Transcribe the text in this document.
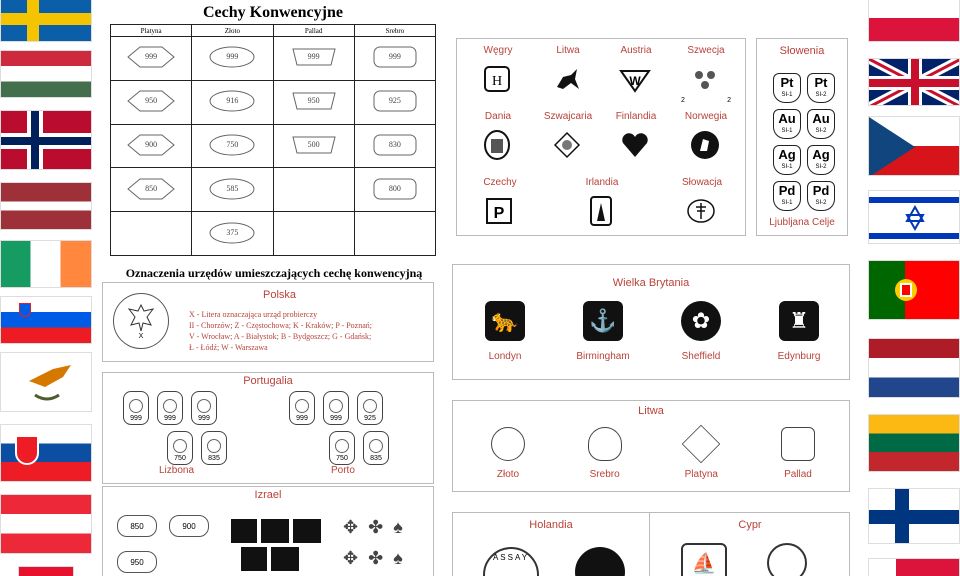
Cechy Konwencyjne
Platyna	Złoto	Pallad	Srebro

999	999	999	999

950	916	950	925

900	750	500	830

850	585		800

	375		

Oznaczenia urzędów umieszczających cechę konwencyjną
X
Polska
X - Litera oznaczająca urząd probierczy
II - Chorzów; Z - Częstochowa; K - Kraków; P - Poznań;
V - Wrocław; A - Białystok; B - Bydgoszcz; G - Gdańsk;
Ł - Łódź; W - Warszawa
Portugalia
999	999	999
750	835
999	999	925
750	835
Lizbona	Porto
Izrael
850	900
950
✥ ✤ ♠
✥ ✤ ♠
Węgry
H
Litwa	Austria
W
Szwecja
2	2
Dania	Szwajcaria	Finlandia	Norwegia
Czechy
P
Irlandia	Słowacja
Słowenia
Pt
SI-1
Pt
SI-2
Au
SI-1
Au
SI-2
Ag
SI-1
Ag
SI-2
Pd
SI-1
Pd
SI-2
Ljubljana Celje
Wielka Brytania
🐆
Londyn
⚓
Birmingham
✿
Sheffield
♜
Edynburg
Litwa
Złoto	Srebro	Platyna	Pallad
Holandia	Cypr
ASSAY	⛵
